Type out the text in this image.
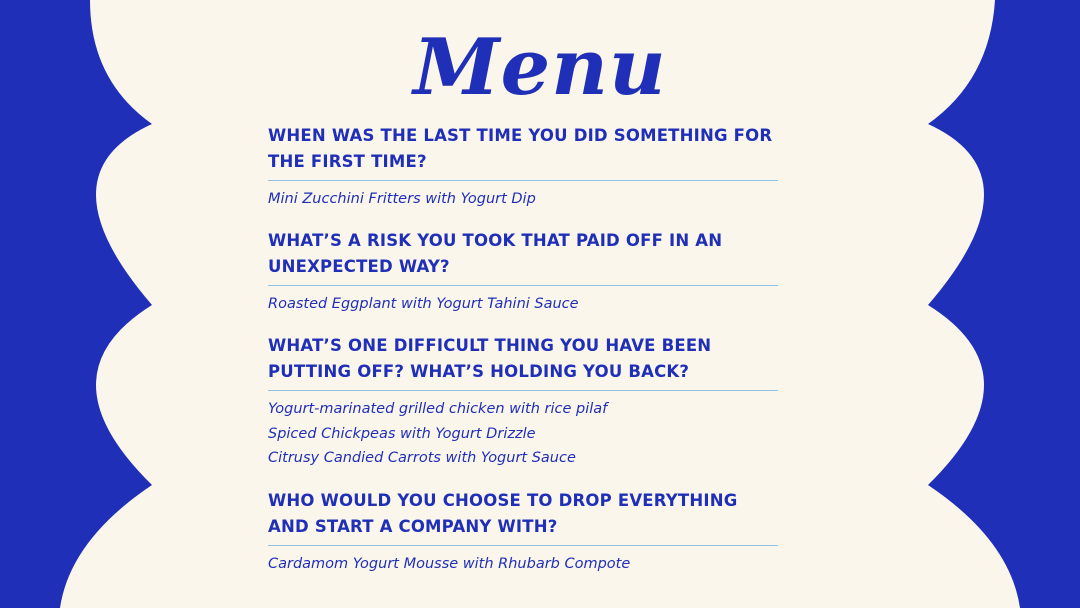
Menu

WHEN WAS THE LAST TIME YOU DID SOMETHING FOR THE FIRST TIME?

Mini Zucchini Fritters with Yogurt Dip

WHAT’S A RISK YOU TOOK THAT PAID OFF IN AN UNEXPECTED WAY?

Roasted Eggplant with Yogurt Tahini Sauce

WHAT’S ONE DIFFICULT THING YOU HAVE BEEN PUTTING OFF? WHAT’S HOLDING YOU BACK?

Yogurt-marinated grilled chicken with rice pilaf
Spiced Chickpeas with Yogurt Drizzle
Citrusy Candied Carrots with Yogurt Sauce

WHO WOULD YOU CHOOSE TO DROP EVERYTHING AND START A COMPANY WITH?

Cardamom Yogurt Mousse with Rhubarb Compote
